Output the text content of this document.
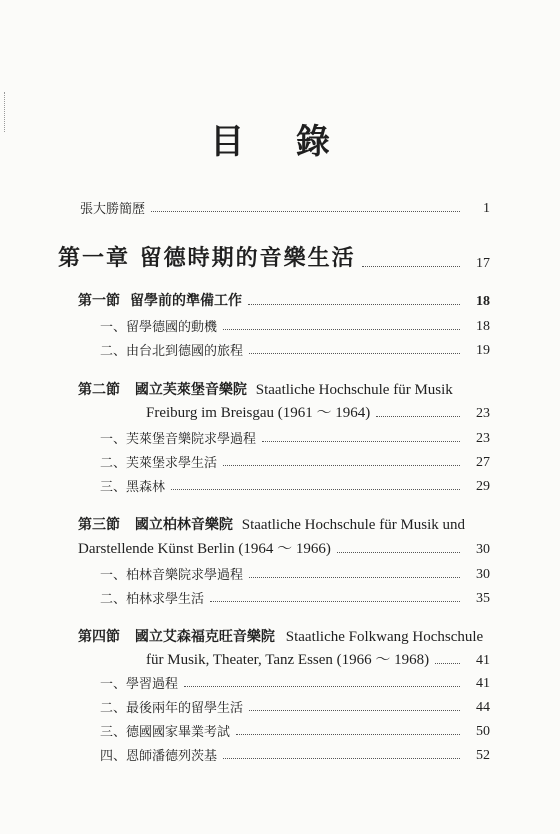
目 錄
張大勝簡歷	1
第一章 留德時期的音樂生活	17
第一節 留學前的準備工作	18
一、留學德國的動機	18
二、由台北到德國的旅程	19
第二節 國立芙萊堡音樂院 Staatliche Hochschule für Musik
Freiburg im Breisgau (1961 ～ 1964)	23
一、芙萊堡音樂院求學過程	23
二、芙萊堡求學生活	27
三、黑森林	29
第三節 國立柏林音樂院 Staatliche Hochschule für Musik und
Darstellende Künst Berlin (1964 ～ 1966)	30
一、柏林音樂院求學過程	30
二、柏林求學生活	35
第四節 國立艾森福克旺音樂院 Staatliche Folkwang Hochschule
für Musik, Theater, Tanz Essen (1966 ～ 1968)	41
一、學習過程	41
二、最後兩年的留學生活	44
三、德國國家畢業考試	50
四、恩師潘德列茨基	52
